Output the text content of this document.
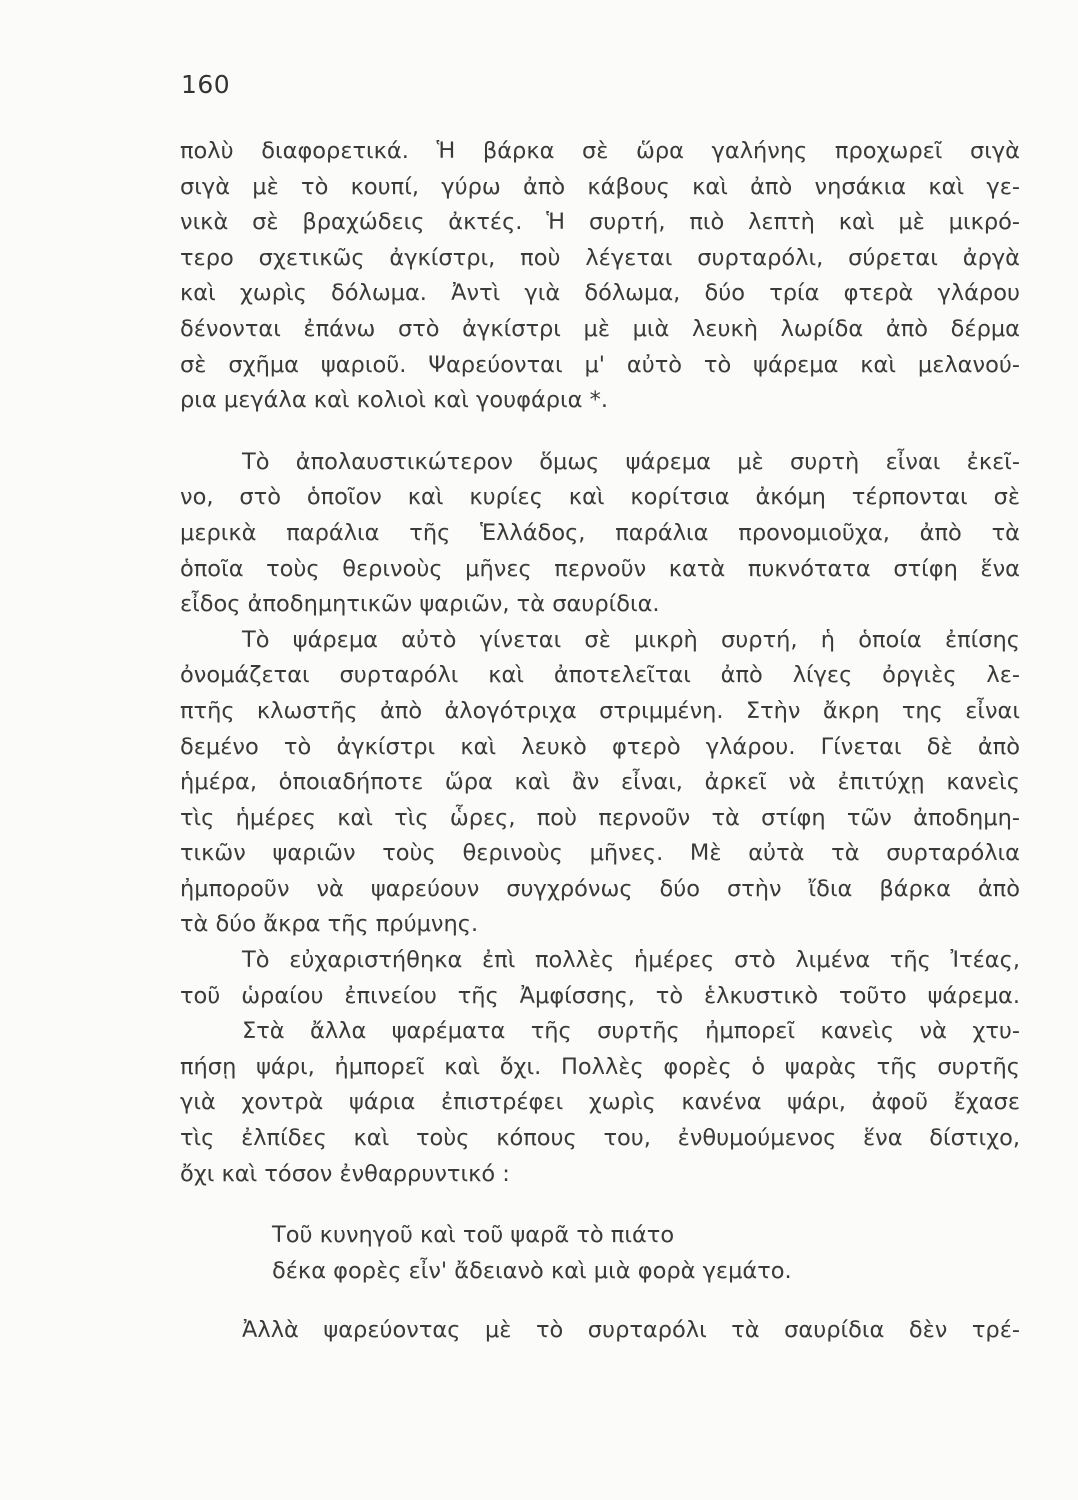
160
πολὺ διαφορετικά. Ἡ βάρκα σὲ ὥρα γαλήνης προχωρεῖ σιγὰ
σιγὰ μὲ τὸ κουπί, γύρω ἀπὸ κάβους καὶ ἀπὸ νησάκια καὶ γε-
νικὰ σὲ βραχώδεις ἀκτές. Ἡ συρτή, πιὸ λεπτὴ καὶ μὲ μικρό-
τερο σχετικῶς ἀγκίστρι, ποὺ λέγεται συρταρόλι, σύρεται ἀργὰ
καὶ χωρὶς δόλωμα. Ἀντὶ γιὰ δόλωμα, δύο τρία φτερὰ γλάρου
δένονται ἐπάνω στὸ ἀγκίστρι μὲ μιὰ λευκὴ λωρίδα ἀπὸ δέρμα
σὲ σχῆμα ψαριοῦ. Ψαρεύονται μ' αὐτὸ τὸ ψάρεμα καὶ μελανού-
ρια μεγάλα καὶ κολιοὶ καὶ γουφάρια *.
Τὸ ἀπολαυστικώτερον ὅμως ψάρεμα μὲ συρτὴ εἶναι ἐκεῖ-
νο, στὸ ὁποῖον καὶ κυρίες καὶ κορίτσια ἀκόμη τέρπονται σὲ
μερικὰ παράλια τῆς Ἑλλάδος, παράλια προνομιοῦχα, ἀπὸ τὰ
ὁποῖα τοὺς θερινοὺς μῆνες περνοῦν κατὰ πυκνότατα στίφη ἕνα
εἶδος ἀποδημητικῶν ψαριῶν, τὰ σαυρίδια.
Τὸ ψάρεμα αὐτὸ γίνεται σὲ μικρὴ συρτή, ἡ ὁποία ἐπίσης
ὀνομάζεται συρταρόλι καὶ ἀποτελεῖται ἀπὸ λίγες ὀργιὲς λε-
πτῆς κλωστῆς ἀπὸ ἀλογότριχα στριμμένη. Στὴν ἄκρη της εἶναι
δεμένο τὸ ἀγκίστρι καὶ λευκὸ φτερὸ γλάρου. Γίνεται δὲ ἀπὸ
ἡμέρα, ὁποιαδήποτε ὥρα καὶ ἂν εἶναι, ἀρκεῖ νὰ ἐπιτύχῃ κανεὶς
τὶς ἡμέρες καὶ τὶς ὧρες, ποὺ περνοῦν τὰ στίφη τῶν ἀποδημη-
τικῶν ψαριῶν τοὺς θερινοὺς μῆνες. Μὲ αὐτὰ τὰ συρταρόλια
ἠμποροῦν νὰ ψαρεύουν συγχρόνως δύο στὴν ἴδια βάρκα ἀπὸ
τὰ δύο ἄκρα τῆς πρύμνης.
Τὸ εὐχαριστήθηκα ἐπὶ πολλὲς ἡμέρες στὸ λιμένα τῆς Ἰτέας,
τοῦ ὡραίου ἐπινείου τῆς Ἀμφίσσης, τὸ ἑλκυστικὸ τοῦτο ψάρεμα.
Στὰ ἄλλα ψαρέματα τῆς συρτῆς ἠμπορεῖ κανεὶς νὰ χτυ-
πήσῃ ψάρι, ἠμπορεῖ καὶ ὄχι. Πολλὲς φορὲς ὁ ψαρὰς τῆς συρτῆς
γιὰ χοντρὰ ψάρια ἐπιστρέφει χωρὶς κανένα ψάρι, ἀφοῦ ἔχασε
τὶς ἐλπίδες καὶ τοὺς κόπους του, ἐνθυμούμενος ἕνα δίστιχο,
ὄχι καὶ τόσον ἐνθαρρυντικό :
Τοῦ κυνηγοῦ καὶ τοῦ ψαρᾶ τὸ πιάτο
δέκα φορὲς εἶν' ἄδειανὸ καὶ μιὰ φορὰ γεμάτο.
Ἀλλὰ ψαρεύοντας μὲ τὸ συρταρόλι τὰ σαυρίδια δὲν τρέ-
